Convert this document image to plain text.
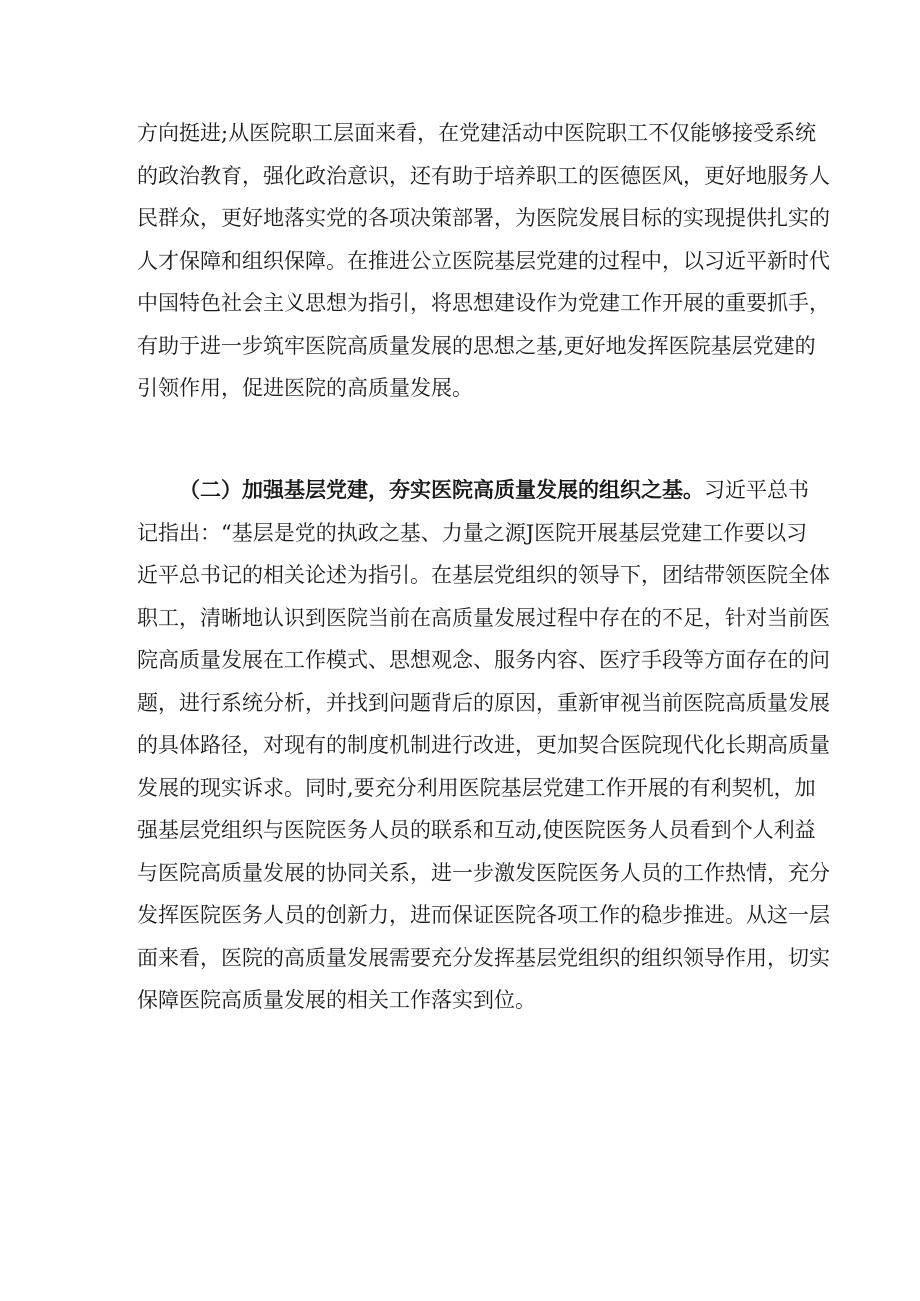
方向挺进;从医院职工层面来看，在党建活动中医院职工不仅能够接受系统
的政治教育，强化政治意识，还有助于培养职工的医德医风，更好地服务人
民群众，更好地落实党的各项决策部署，为医院发展目标的实现提供扎实的
人才保障和组织保障。在推进公立医院基层党建的过程中，以习近平新时代
中国特色社会主义思想为指引，将思想建设作为党建工作开展的重要抓手，
有助于进一步筑牢医院高质量发展的思想之基,更好地发挥医院基层党建的
引领作用，促进医院的高质量发展。
（二）加强基层党建，夯实医院高质量发展的组织之基。习近平总书
记指出：“基层是党的执政之基、力量之源J医院开展基层党建工作要以习
近平总书记的相关论述为指引。在基层党组织的领导下，团结带领医院全体
职工，清晰地认识到医院当前在高质量发展过程中存在的不足，针对当前医
院高质量发展在工作模式、思想观念、服务内容、医疗手段等方面存在的问
题，进行系统分析，并找到问题背后的原因，重新审视当前医院高质量发展
的具体路径，对现有的制度机制进行改进，更加契合医院现代化长期高质量
发展的现实诉求。同时,要充分利用医院基层党建工作开展的有利契机，加
强基层党组织与医院医务人员的联系和互动,使医院医务人员看到个人利益
与医院高质量发展的协同关系，进一步激发医院医务人员的工作热情，充分
发挥医院医务人员的创新力，进而保证医院各项工作的稳步推进。从这一层
面来看，医院的高质量发展需要充分发挥基层党组织的组织领导作用，切实
保障医院高质量发展的相关工作落实到位。
